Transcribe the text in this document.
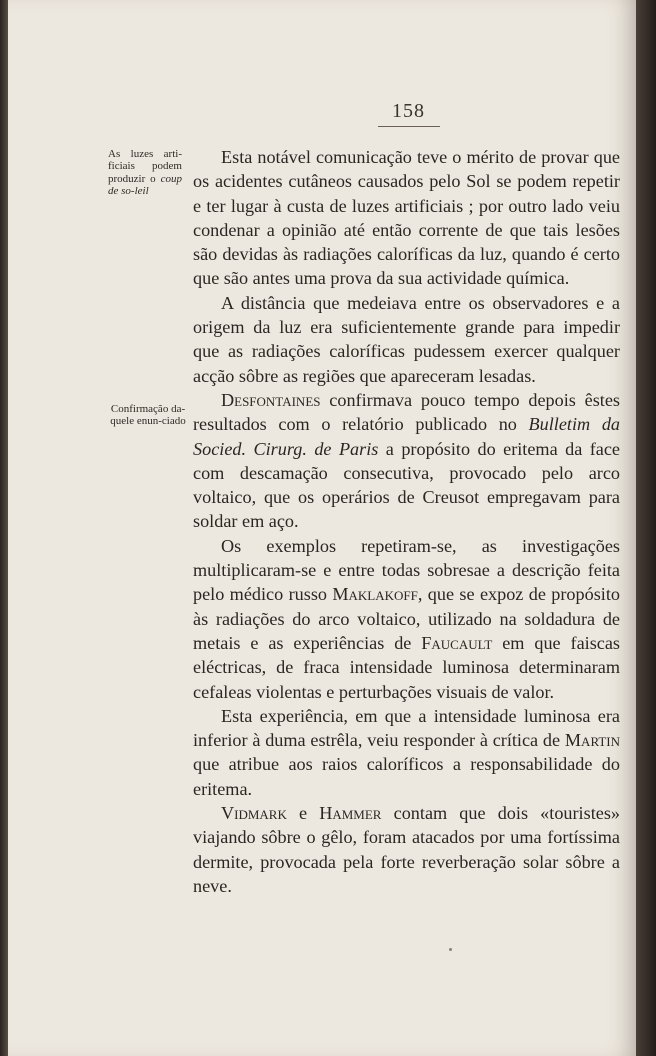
158
As luzes arti-ficiais podem produzir o coup de so-leil
Confirmação da-quele enun-ciado

Esta notável comunicação teve o mérito de provar que os acidentes cutâneos causados pelo Sol se podem repetir e ter lugar à custa de luzes artificiais ; por outro lado veiu condenar a opinião até então corrente de que tais lesões são devidas às radiações caloríficas da luz, quando é certo que são antes uma prova da sua actividade química.

A distância que medeiava entre os observadores e a origem da luz era suficientemente grande para impedir que as radiações caloríficas pudessem exercer qualquer acção sôbre as regiões que apareceram lesadas.

Desfontaines confirmava pouco tempo depois êstes resultados com o relatório publicado no Bulletim da Socied. Cirurg. de Paris a propósito do eritema da face com descamação consecutiva, provocado pelo arco voltaico, que os operários de Creusot empregavam para soldar em aço.

Os exemplos repetiram-se, as investigações multiplicaram-se e entre todas sobresae a descrição feita pelo médico russo Maklakoff, que se expoz de propósito às radiações do arco voltaico, utilizado na soldadura de metais e as experiências de Faucault em que faiscas eléctricas, de fraca intensidade luminosa determinaram cefaleas violentas e perturbações visuais de valor.

Esta experiência, em que a intensidade luminosa era inferior à duma estrêla, veiu responder à crítica de Martin que atribue aos raios caloríficos a responsabilidade do eritema.

Vidmark e Hammer contam que dois «touristes» viajando sôbre o gêlo, foram atacados por uma fortíssima dermite, provocada pela forte reverberação solar sôbre a neve.
